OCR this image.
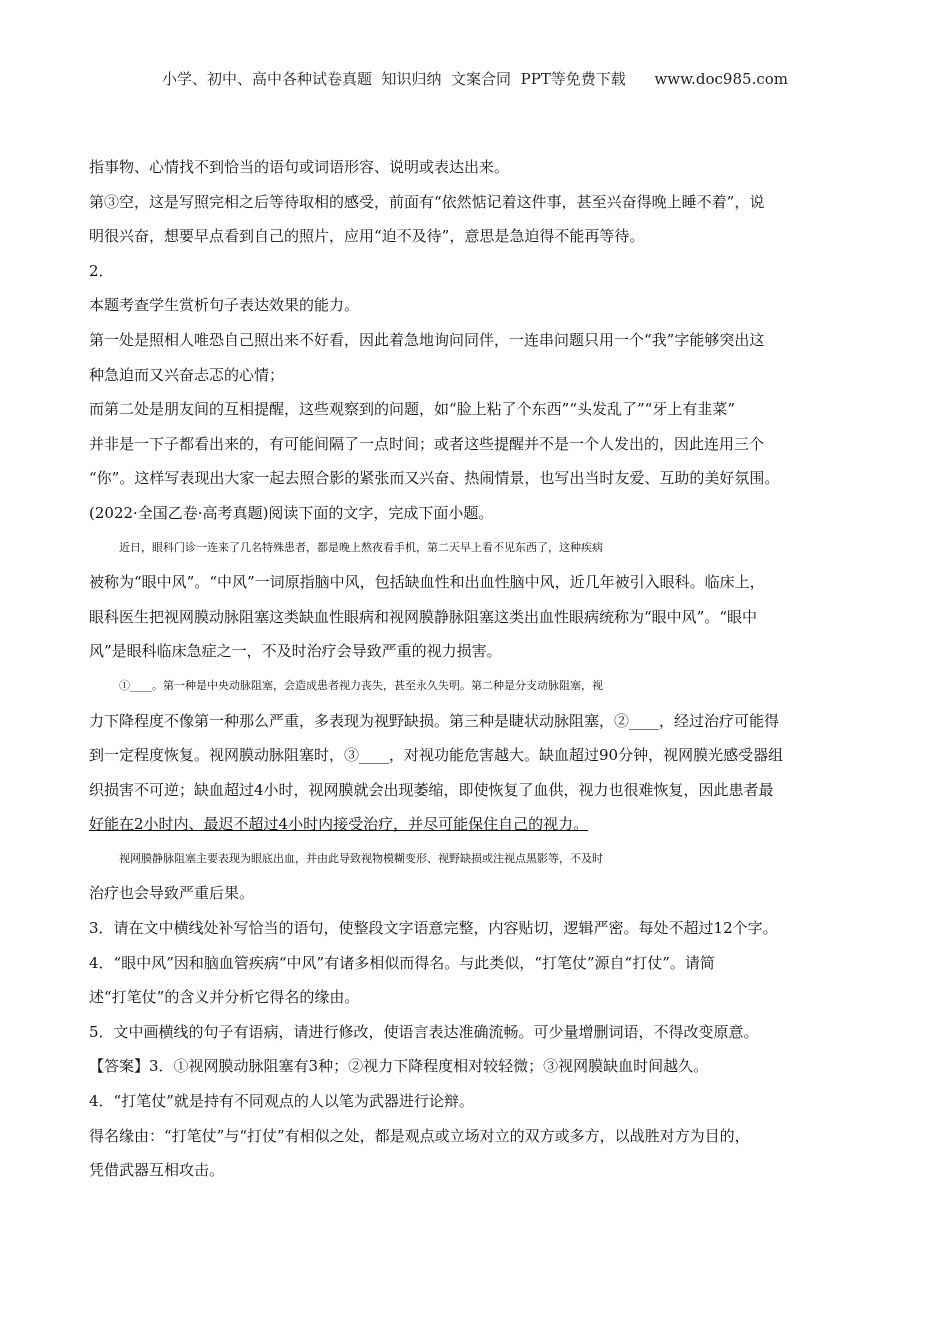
小学、初中、高中各种试卷真题  知识归纳  文案合同  PPT等免费下载      www.doc985.com
指事物、心情找不到恰当的语句或词语形容、说明或表达出来。
第③空，这是写照完相之后等待取相的感受，前面有“依然惦记着这件事，甚至兴奋得晚上睡不着”，说
明很兴奋，想要早点看到自己的照片，应用“迫不及待”，意思是急迫得不能再等待。
2．
本题考查学生赏析句子表达效果的能力。
第一处是照相人唯恐自己照出来不好看，因此着急地询问同伴，一连串问题只用一个“我”字能够突出这
种急迫而又兴奋忐忑的心情；
而第二处是朋友间的互相提醒，这些观察到的问题，如“脸上粘了个东西”“头发乱了”“牙上有韭菜”
并非是一下子都看出来的，有可能间隔了一点时间；或者这些提醒并不是一个人发出的，因此连用三个
“你”。这样写表现出大家一起去照合影的紧张而又兴奋、热闹情景，也写出当时友爱、互助的美好氛围。
(2022·全国乙卷·高考真题)阅读下面的文字，完成下面小题。
近日，眼科门诊一连来了几名特殊患者，都是晚上熬夜看手机，第二天早上看不见东西了，这种疾病
被称为“眼中风”。“中风”一词原指脑中风，包括缺血性和出血性脑中风，近几年被引入眼科。临床上，
眼科医生把视网膜动脉阻塞这类缺血性眼病和视网膜静脉阻塞这类出血性眼病统称为“眼中风”。“眼中
风”是眼科临床急症之一，不及时治疗会导致严重的视力损害。
①____。第一种是中央动脉阻塞，会造成患者视力丧失，甚至永久失明。第二种是分支动脉阻塞，视
力下降程度不像第一种那么严重，多表现为视野缺损。第三种是睫状动脉阻塞，②____，经过治疗可能得
到一定程度恢复。视网膜动脉阻塞时，③____，对视功能危害越大。缺血超过90分钟，视网膜光感受器组
织损害不可逆；缺血超过4小时，视网膜就会出现萎缩，即使恢复了血供，视力也很难恢复，因此患者最
好能在2小时内、最迟不超过4小时内接受治疗，并尽可能保住自己的视力。
视网膜静脉阻塞主要表现为眼底出血，并由此导致视物模糊变形、视野缺损或注视点黑影等，不及时
治疗也会导致严重后果。
3．请在文中横线处补写恰当的语句，使整段文字语意完整，内容贴切，逻辑严密。每处不超过12个字。
4．“眼中风”因和脑血管疾病“中风”有诸多相似而得名。与此类似，“打笔仗”源自“打仗”。请简
述“打笔仗”的含义并分析它得名的缘由。
5．文中画横线的句子有语病，请进行修改，使语言表达准确流畅。可少量增删词语，不得改变原意。
【答案】3．①视网膜动脉阻塞有3种；②视力下降程度相对较轻微；③视网膜缺血时间越久。
4．“打笔仗”就是持有不同观点的人以笔为武器进行论辩。
得名缘由：“打笔仗”与“打仗”有相似之处，都是观点或立场对立的双方或多方，以战胜对方为目的，
凭借武器互相攻击。
